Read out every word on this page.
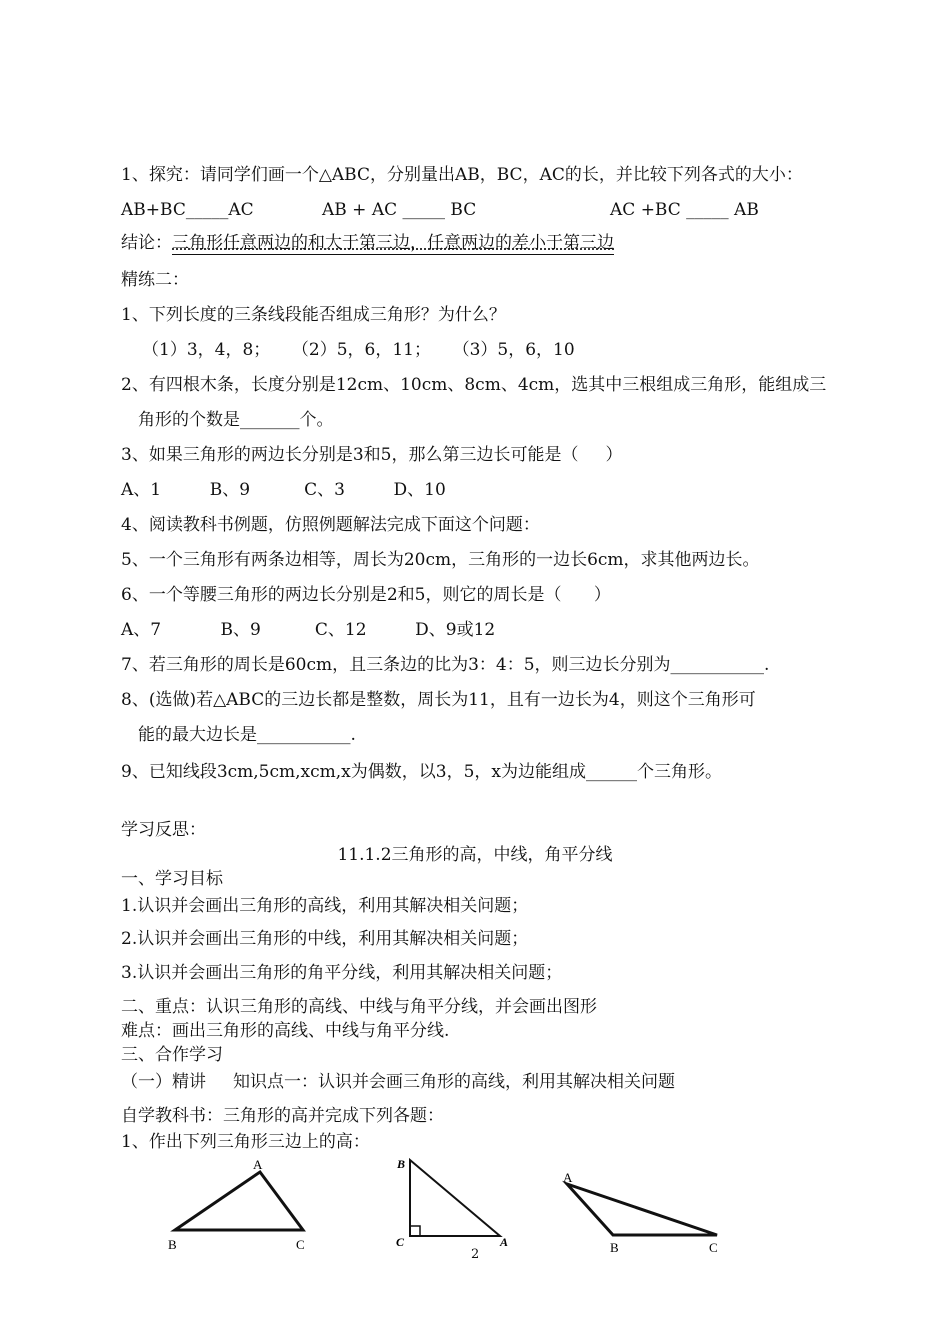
1、探究：请同学们画一个△ABC，分别量出AB，BC，AC的长，并比较下列各式的大小：
AB+BC_____AC	AB + AC _____ BC	AC +BC _____ AB
结论：三角形任意两边的和大于第三边，任意两边的差小于第三边
精练二：
1、下列长度的三条线段能否组成三角形？为什么？
（1）3，4，8；    （2）5，6，11；    （3）5，6，10
2、有四根木条，长度分别是12cm、10cm、8cm、4cm，选其中三根组成三角形，能组成三
角形的个数是_______个。
3、如果三角形的两边长分别是3和5，那么第三边长可能是（     ）
A、1         B、9          C、3         D、10
4、阅读教科书例题，仿照例题解法完成下面这个问题：
5、一个三角形有两条边相等，周长为20cm，三角形的一边长6cm，求其他两边长。
6、一个等腰三角形的两边长分别是2和5，则它的周长是（      ）
A、7           B、9          C、12         D、9或12
7、若三角形的周长是60cm，且三条边的比为3：4：5，则三边长分别为___________.
8、(选做)若△ABC的三边长都是整数，周长为11，且有一边长为4，则这个三角形可
能的最大边长是___________.
9、已知线段3cm,5cm,xcm,x为偶数，以3，5，x为边能组成______个三角形。
学习反思：
11.1.2三角形的高，中线，角平分线
一、学习目标
1.认识并会画出三角形的高线，利用其解决相关问题；
2.认识并会画出三角形的中线，利用其解决相关问题；
3.认识并会画出三角形的角平分线，利用其解决相关问题；
二、重点：认识三角形的高线、中线与角平分线，并会画出图形
难点：画出三角形的高线、中线与角平分线.
三、合作学习
（一）精讲     知识点一：认识并会画三角形的高线，利用其解决相关问题
自学教科书：三角形的高并完成下列各题：
1、作出下列三角形三边上的高：
A
B	C
B
C	A
A
B	C
2
